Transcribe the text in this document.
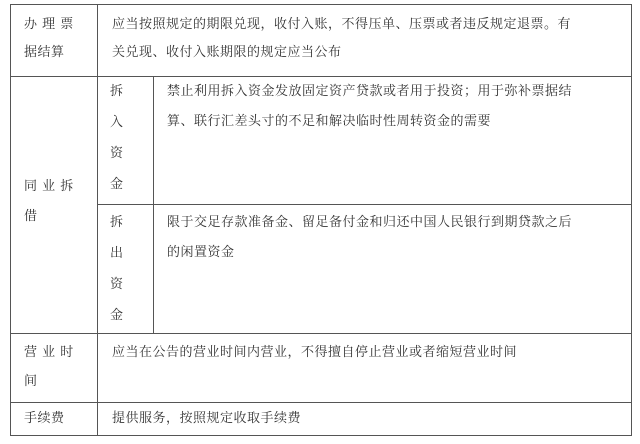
办 理 票
据结算
应当按照规定的期限兑现，收付入账，不得压单、压票或者违反规定退票。有
关兑现、收付入账期限的规定应当公布
同 业 拆
借
拆
入
资
金
禁止利用拆入资金发放固定资产贷款或者用于投资；用于弥补票据结
算、联行汇差头寸的不足和解决临时性周转资金的需要
拆
出
资
金
限于交足存款准备金、留足备付金和归还中国人民银行到期贷款之后
的闲置资金
营 业 时
间
应当在公告的营业时间内营业，不得擅自停止营业或者缩短营业时间
手续费	提供服务，按照规定收取手续费
